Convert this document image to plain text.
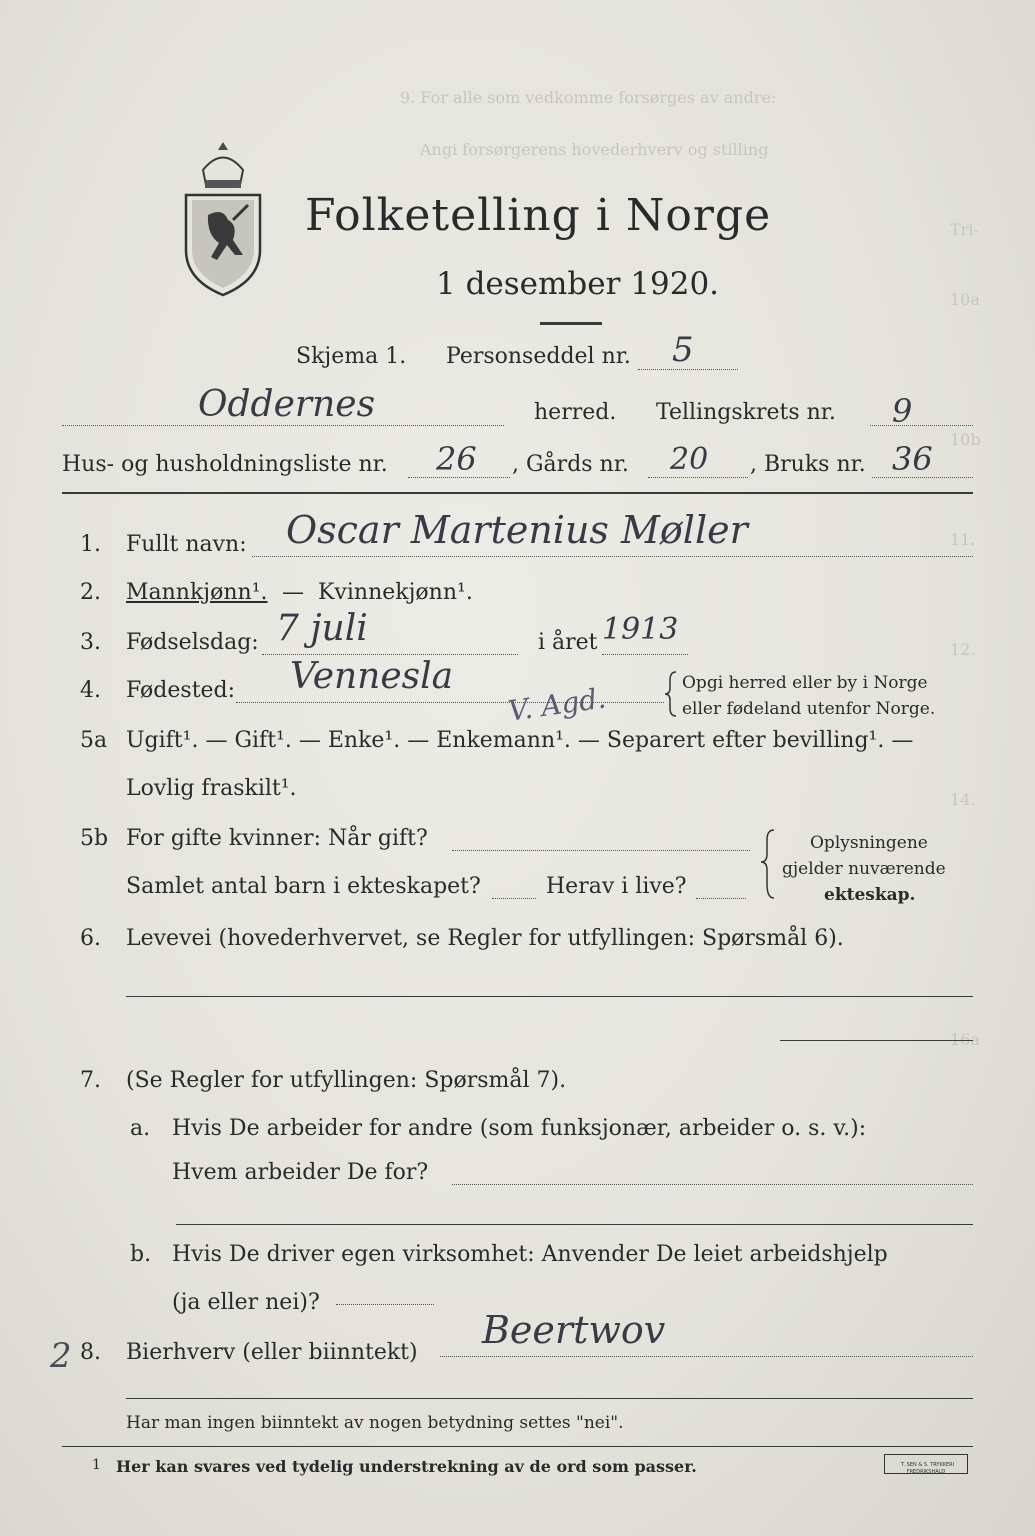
9. For alle som vedkomme forsørges av andre:
Angi forsørgerens hovederhverv og stilling
Tri-
10a
10b
11.
12.
14.
16a
Folketelling i Norge
1 desember 1920.
Skjema 1. Personseddel nr. 5
Oddernes	herred. Tellingskrets nr. 9
Hus- og husholdningsliste nr. 26 , Gårds nr. 20 , Bruks nr. 36
1. Fullt navn: Oscar Martenius Møller
2. Mannkjønn¹. — Kvinnekjønn¹.
3. Fødselsdag: 7 juli	i året 1913
4. Fødested: Vennesla
V. Agd.	Opgi herred eller by i Norge
eller fødeland utenfor Norge.
5a Ugift¹. — Gift¹. — Enke¹. — Enkemann¹. — Separert efter bevilling¹. —
Lovlig fraskilt¹.
5b For gifte kvinner: Når gift?
Samlet antal barn i ekteskapet?	Herav i live?
Oplysningene
gjelder nuværende
ekteskap.
6. Levevei (hovederhvervet, se Regler for utfyllingen: Spørsmål 6).
7. (Se Regler for utfyllingen: Spørsmål 7).
a. Hvis De arbeider for andre (som funksjonær, arbeider o. s. v.):
Hvem arbeider De for?
b. Hvis De driver egen virksomhet: Anvender De leiet arbeidshjelp
(ja eller nei)?
2 8. Bierhverv (eller biinntekt)
Beertwov
Har man ingen biinntekt av nogen betydning settes "nei".
1 Her kan svares ved tydelig understrekning av de ord som passer.	T. SEN & S. TRYKKERI
FREDRIKSHALD
